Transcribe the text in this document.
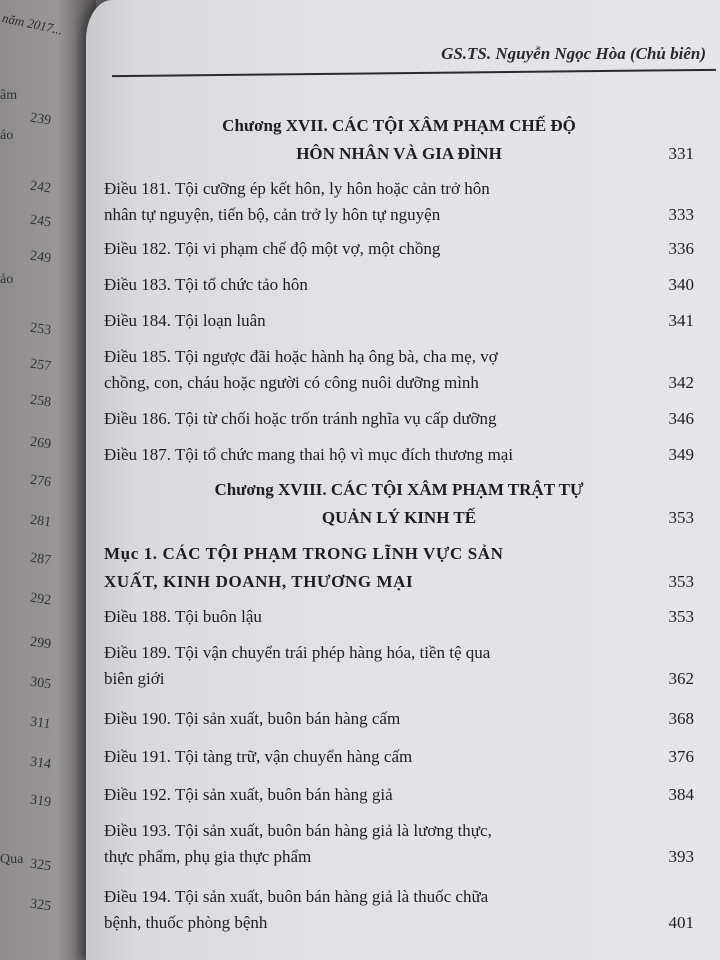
năm 2017...
âm
áo
ảo
Qua
239
242
245
249
253
257
258
269
276
281
287
292
299
305
311
314
319
325
325
GS.TS. Nguyễn Ngọc Hòa (Chủ biên)
Chương XVII. CÁC TỘI XÂM PHẠM CHẾ ĐỘ
HÔN NHÂN VÀ GIA ĐÌNH	331
Điều 181. Tội cưỡng ép kết hôn, ly hôn hoặc cản trở hôn
nhân tự nguyện, tiến bộ, cản trở ly hôn tự nguyện	333
Điều 182. Tội vi phạm chế độ một vợ, một chồng	336
Điều 183. Tội tổ chức tảo hôn	340
Điều 184. Tội loạn luân	341
Điều 185. Tội ngược đãi hoặc hành hạ ông bà, cha mẹ, vợ
chồng, con, cháu hoặc người có công nuôi dưỡng mình	342
Điều 186. Tội từ chối hoặc trốn tránh nghĩa vụ cấp dưỡng	346
Điều 187. Tội tổ chức mang thai hộ vì mục đích thương mại	349
Chương XVIII. CÁC TỘI XÂM PHẠM TRẬT TỰ
QUẢN LÝ KINH TẾ	353
Mục 1. CÁC TỘI PHẠM TRONG LĨNH VỰC SẢN
XUẤT, KINH DOANH, THƯƠNG MẠI	353
Điều 188. Tội buôn lậu	353
Điều 189. Tội vận chuyển trái phép hàng hóa, tiền tệ qua
biên giới	362
Điều 190. Tội sản xuất, buôn bán hàng cấm	368
Điều 191. Tội tàng trữ, vận chuyển hàng cấm	376
Điều 192. Tội sản xuất, buôn bán hàng giả	384
Điều 193. Tội sản xuất, buôn bán hàng giả là lương thực,
thực phẩm, phụ gia thực phẩm	393
Điều 194. Tội sản xuất, buôn bán hàng giả là thuốc chữa
bệnh, thuốc phòng bệnh	401
